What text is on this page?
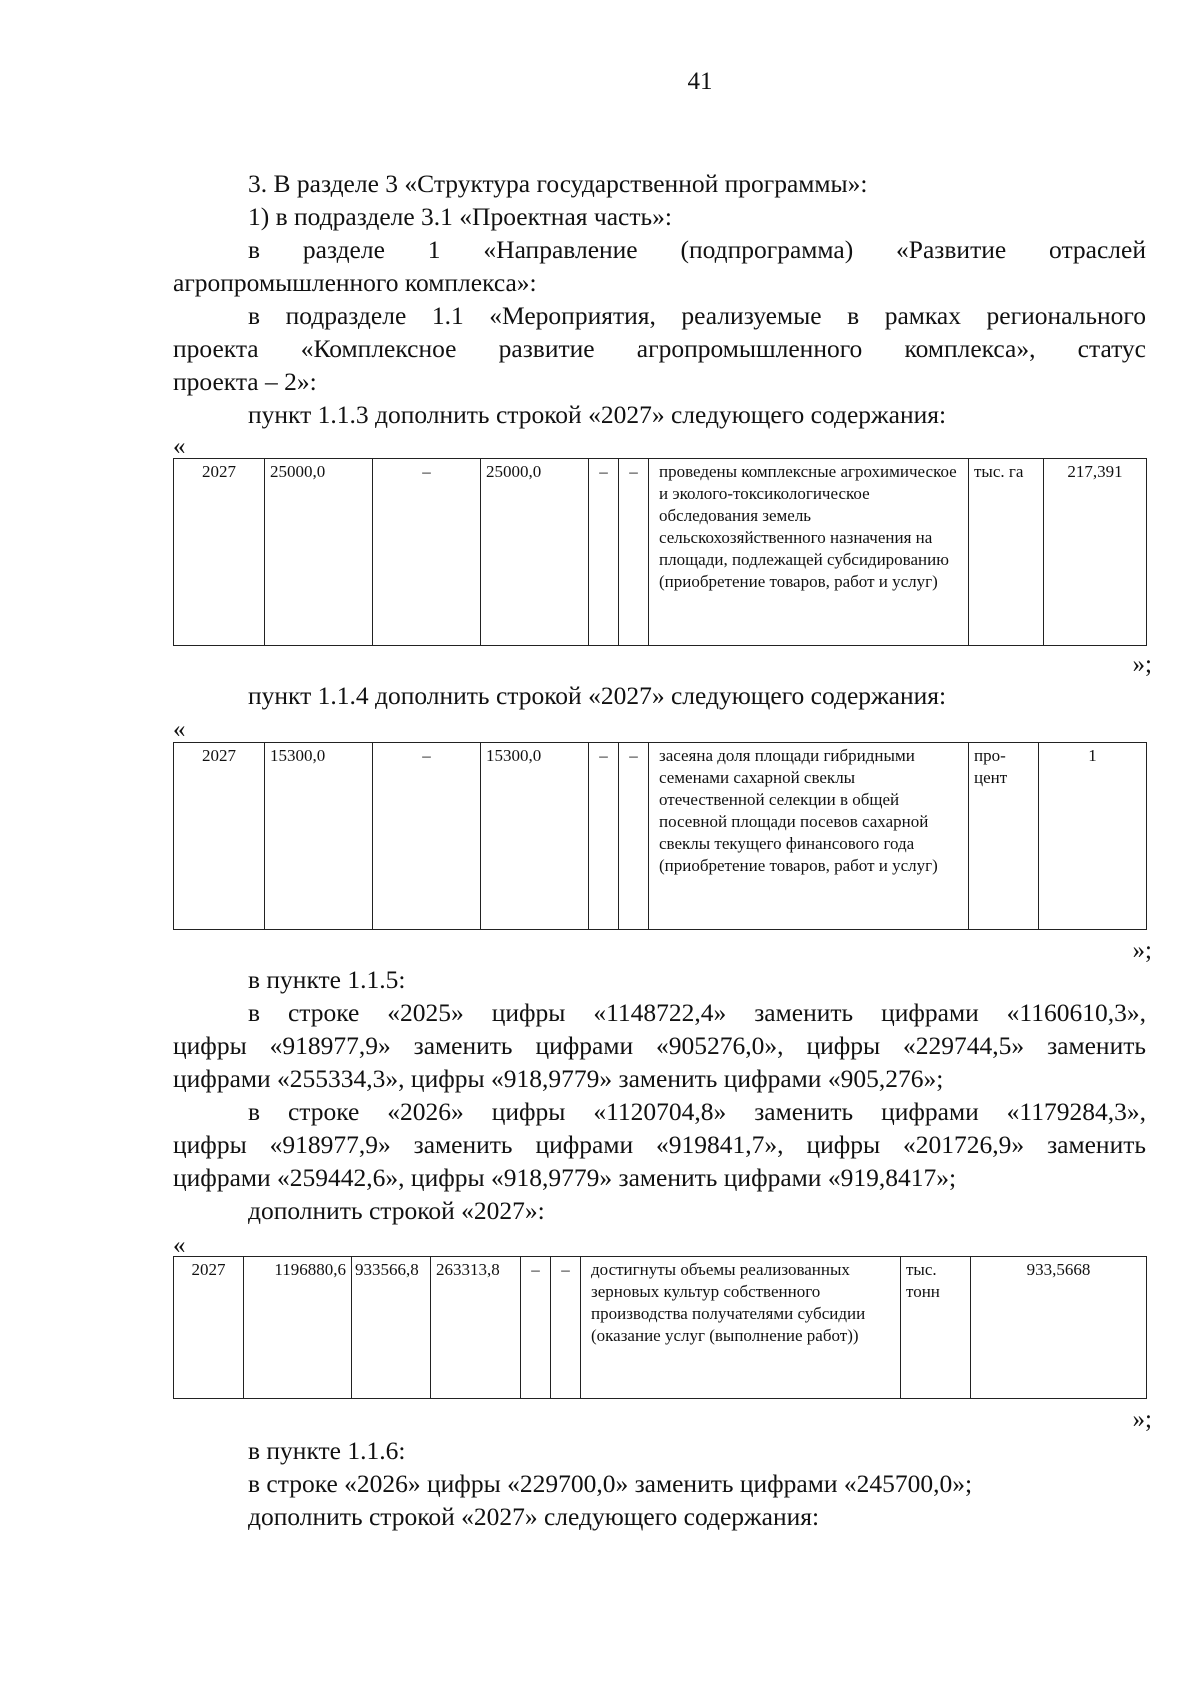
41

3. В разделе 3 «Структура государственной программы»:

1) в подразделе 3.1 «Проектная часть»:

в разделе 1 «Направление (подпрограмма) «Развитие отраслей

агропромышленного комплекса»:

в подразделе 1.1 «Мероприятия, реализуемые в рамках регионального

проекта «Комплексное развитие агропромышленного комплекса», статус

проекта – 2»:

пункт 1.1.3 дополнить строкой «2027» следующего содержания:

«
2027	25000,0	–	25000,0	–	–	проведены комплексные агрохимическое и эколого-токсикологическое обследования земель сельскохозяйственного назначения на площади, подлежащей субсидированию (приобретение товаров, работ и услуг)	тыс. га	217,391
»;

пункт 1.1.4 дополнить строкой «2027» следующего содержания:

«
2027	15300,0	–	15300,0	–	–	засеяна доля площади гибридными семенами сахарной свеклы отечественной селекции в общей посевной площади посевов сахарной свеклы текущего финансового года (приобретение товаров, работ и услуг)	про-цент	1
»;

в пункте 1.1.5:

в строке «2025» цифры «1148722,4» заменить цифрами «1160610,3»,

цифры «918977,9» заменить цифрами «905276,0», цифры «229744,5» заменить

цифрами «255334,3», цифры «918,9779» заменить цифрами «905,276»;

в строке «2026» цифры «1120704,8» заменить цифрами «1179284,3»,

цифры «918977,9» заменить цифрами «919841,7», цифры «201726,9» заменить

цифрами «259442,6», цифры «918,9779» заменить цифрами «919,8417»;

дополнить строкой «2027»:

«
2027	1196880,6	933566,8	263313,8	–	–	достигнуты объемы реализованных зерновых культур собственного производства получателями субсидии (оказание услуг (выполнение работ))	тыс. тонн	933,5668
»;

в пункте 1.1.6:

в строке «2026» цифры «229700,0» заменить цифрами «245700,0»;

дополнить строкой «2027» следующего содержания:
